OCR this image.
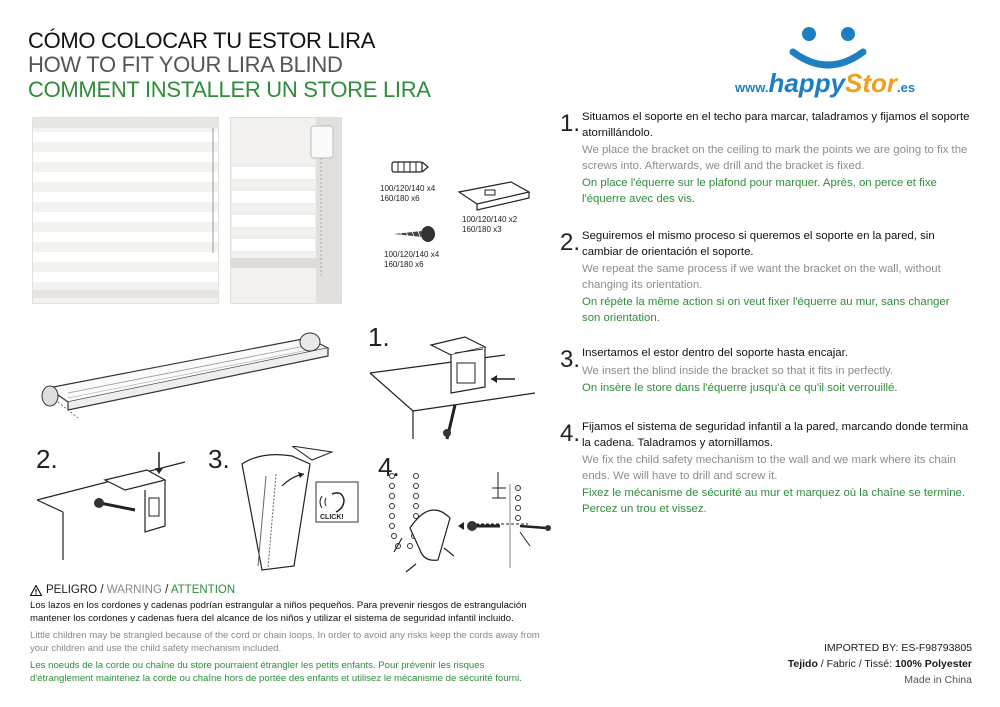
CÓMO COLOCAR TU ESTOR LIRA
HOW TO FIT YOUR LIRA BLIND
COMMENT INSTALLER UN STORE LIRA	www.happyStor.es
100/120/140 x4
160/180 x6
100/120/140 x2
160/180 x3
100/120/140 x4
160/180 x6
1.
2.	3.	4.
CLICK!
1. Situamos el soporte en el techo para marcar, taladramos y fijamos el soporte atornillándolo.
We place the bracket on the ceiling to mark the points we are going to fix the screws into. Afterwards, we drill and the bracket is fixed.
On place l'équerre sur le plafond pour marquer. Après, on perce et fixe l'équerre avec des vis.
2. Seguiremos el mismo proceso si queremos el soporte en la pared, sin cambiar de orientación el soporte.
We repeat the same process if we want the bracket on the wall, without changing its orientation.
On répète la même action si on veut fixer l'équerre au mur, sans changer son orientation.
3. Insertamos el estor dentro del soporte hasta encajar.
We insert the blind inside the bracket so that it fits in perfectly.
On insère le store dans l'équerre jusqu'à ce qu'il soit verrouillé.
4. Fijamos el sistema de seguridad infantil a la pared, marcando donde termina la cadena. Taladramos y atornillamos.
We fix the child safety mechanism to the wall and we mark where its chain ends. We will have to drill and screw it.
Fixez le mécanisme de sécurité au mur et marquez où la chaîne se termine. Percez un trou et vissez.
PELIGRO / WARNING / ATTENTION
Los lazos en los cordones y cadenas podrían estrangular a niños pequeños. Para prevenir riesgos de estrangulación mantener los cordones y cadenas fuera del alcance de los niños y utilizar el sistema de seguridad infantil incluido.
Little children may be strangled because of the cord or chain loops. In order to avoid any risks keep the cords away from your children and use the child safety mechanism included.
Les noeuds de la corde ou chaîne du store pourraient étrangler les petits enfants. Pour prévenir les risques d'étranglement maintenez la corde ou chaîne hors de portée des enfants et utilisez le mécanisme de sécurité fourni.
IMPORTED BY: ES-F98793805
Tejido / Fabric / Tissé: 100% Polyester
Made in China
